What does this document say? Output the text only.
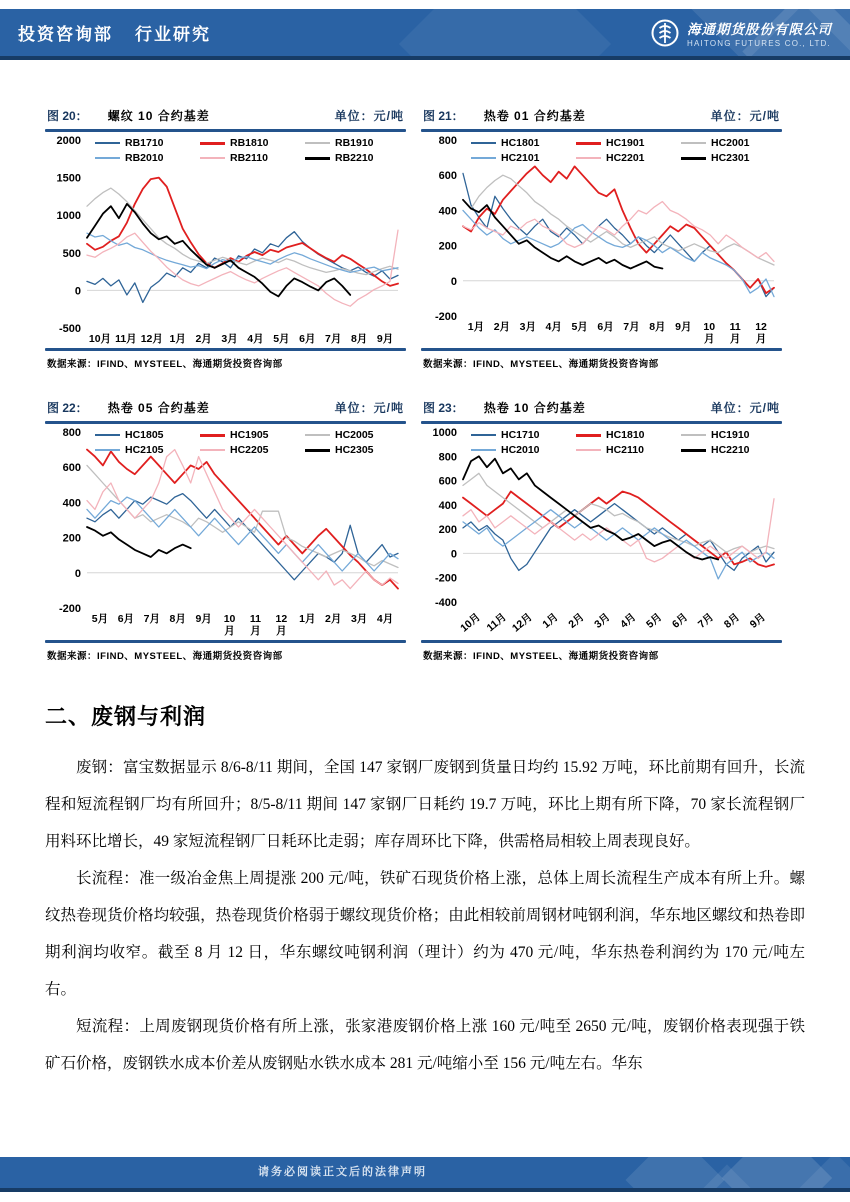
投资咨询部 行业研究	海通期货股份有限公司
HAITONG FUTURES CO., LTD.
图 20： 螺纹 10 合约基差	单位：元/吨
2000
1500
1000
500
0
-500
10月 11月 12月 1月 2月 3月 4月 5月 6月 7月 8月 9月
RB1710	RB1810	RB1910
RB2010	RB2110	RB2210
数据来源：IFIND、MYSTEEL、海通期货投资咨询部
图 21： 热卷 01 合约基差	单位：元/吨
800
600
400
200
0
-200
1月 2月 3月 4月 5月 6月 7月 8月 9月 10 月
11 月
12 月
HC1801	HC1901	HC2001
HC2101	HC2201	HC2301
数据来源：IFIND、MYSTEEL、海通期货投资咨询部
图 22： 热卷 05 合约基差	单位：元/吨
800
600
400
200
0
-200
5月 6月 7月 8月 9月 10 月
11 月
12 月
1月 2月 3月 4月
HC1805	HC1905	HC2005
HC2105	HC2205	HC2305
数据来源：IFIND、MYSTEEL、海通期货投资咨询部
图 23： 热卷 10 合约基差	单位：元/吨
1000
800
600
400
200
0
-200
-400
10月 11月 12月 1月 2月 3月 4月 5月 6月 7月 8月 9月
HC1710	HC1810	HC1910
HC2010	HC2110	HC2210
数据来源：IFIND、MYSTEEL、海通期货投资咨询部
二、废钢与利润

废钢：富宝数据显示 8/6-8/11 期间，全国 147 家钢厂废钢到货量日均约 15.92 万吨，环比前期有回升，长流程和短流程钢厂均有所回升；8/5-8/11 期间 147 家钢厂日耗约 19.7 万吨，环比上期有所下降，70 家长流程钢厂用料环比增长，49 家短流程钢厂日耗环比走弱；库存周环比下降，供需格局相较上周表现良好。

长流程：准一级冶金焦上周提涨 200 元/吨，铁矿石现货价格上涨，总体上周长流程生产成本有所上升。螺纹热卷现货价格均较强，热卷现货价格弱于螺纹现货价格；由此相较前周钢材吨钢利润，华东地区螺纹和热卷即期利润均收窄。截至 8 月 12 日，华东螺纹吨钢利润（理计）约为 470 元/吨，华东热卷利润约为 170 元/吨左右。

短流程：上周废钢现货价格有所上涨，张家港废钢价格上涨 160 元/吨至 2650 元/吨，废钢价格表现强于铁矿石价格，废钢铁水成本价差从废钢贴水铁水成本 281 元/吨缩小至 156 元/吨左右。华东

请务必阅读正文后的法律声明
